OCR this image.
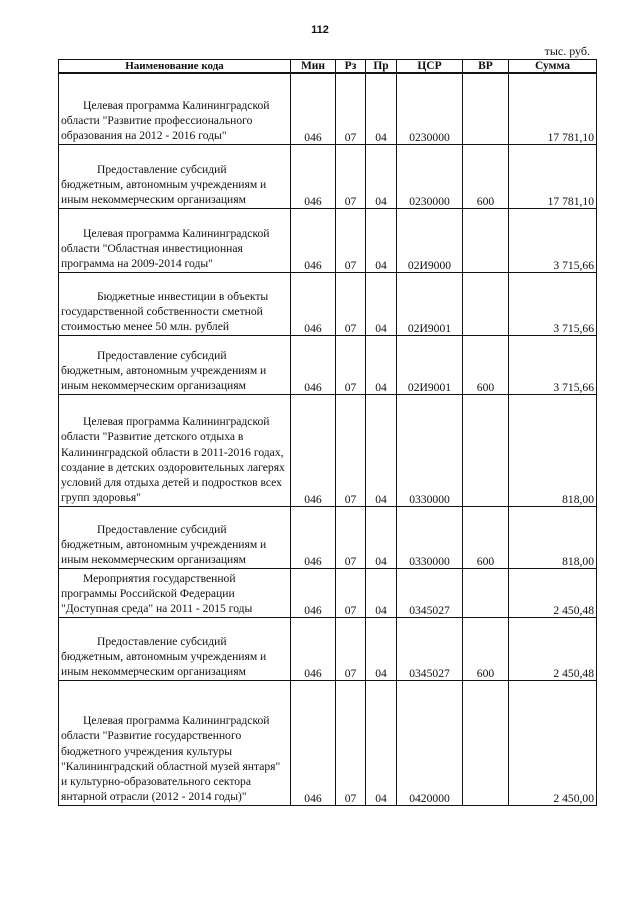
112
тыс. руб.
Наименование кода	Мин	Рз	Пр	ЦСР	ВР	Сумма
Целевая программа Калининградской области "Развитие профессионального образования на 2012 - 2016 годы"	046	07	04	0230000		17 781,10
Предоставление субсидий бюджетным, автономным учреждениям и иным некоммерческим организациям	046	07	04	0230000	600	17 781,10
Целевая программа Калининградской области "Областная инвестиционная программа на 2009-2014 годы"	046	07	04	02И9000		3 715,66
Бюджетные инвестиции в объекты государственной собственности сметной стоимостью менее 50 млн. рублей	046	07	04	02И9001		3 715,66
Предоставление субсидий бюджетным, автономным учреждениям и иным некоммерческим организациям	046	07	04	02И9001	600	3 715,66
Целевая программа Калининградской области "Развитие детского отдыха в Калининградской области в 2011-2016 годах, создание в детских оздоровительных лагерях условий для отдыха детей и подростков всех групп здоровья"	046	07	04	0330000		818,00
Предоставление субсидий бюджетным, автономным учреждениям и иным некоммерческим организациям	046	07	04	0330000	600	818,00
Мероприятия государственной программы Российской Федерации "Доступная среда" на 2011 - 2015 годы	046	07	04	0345027		2 450,48
Предоставление субсидий бюджетным, автономным учреждениям и иным некоммерческим организациям	046	07	04	0345027	600	2 450,48
Целевая программа Калининградской области "Развитие государственного бюджетного учреждения культуры "Калининградский областной музей янтаря" и культурно-образовательного сектора янтарной отрасли (2012 - 2014 годы)"	046	07	04	0420000		2 450,00
